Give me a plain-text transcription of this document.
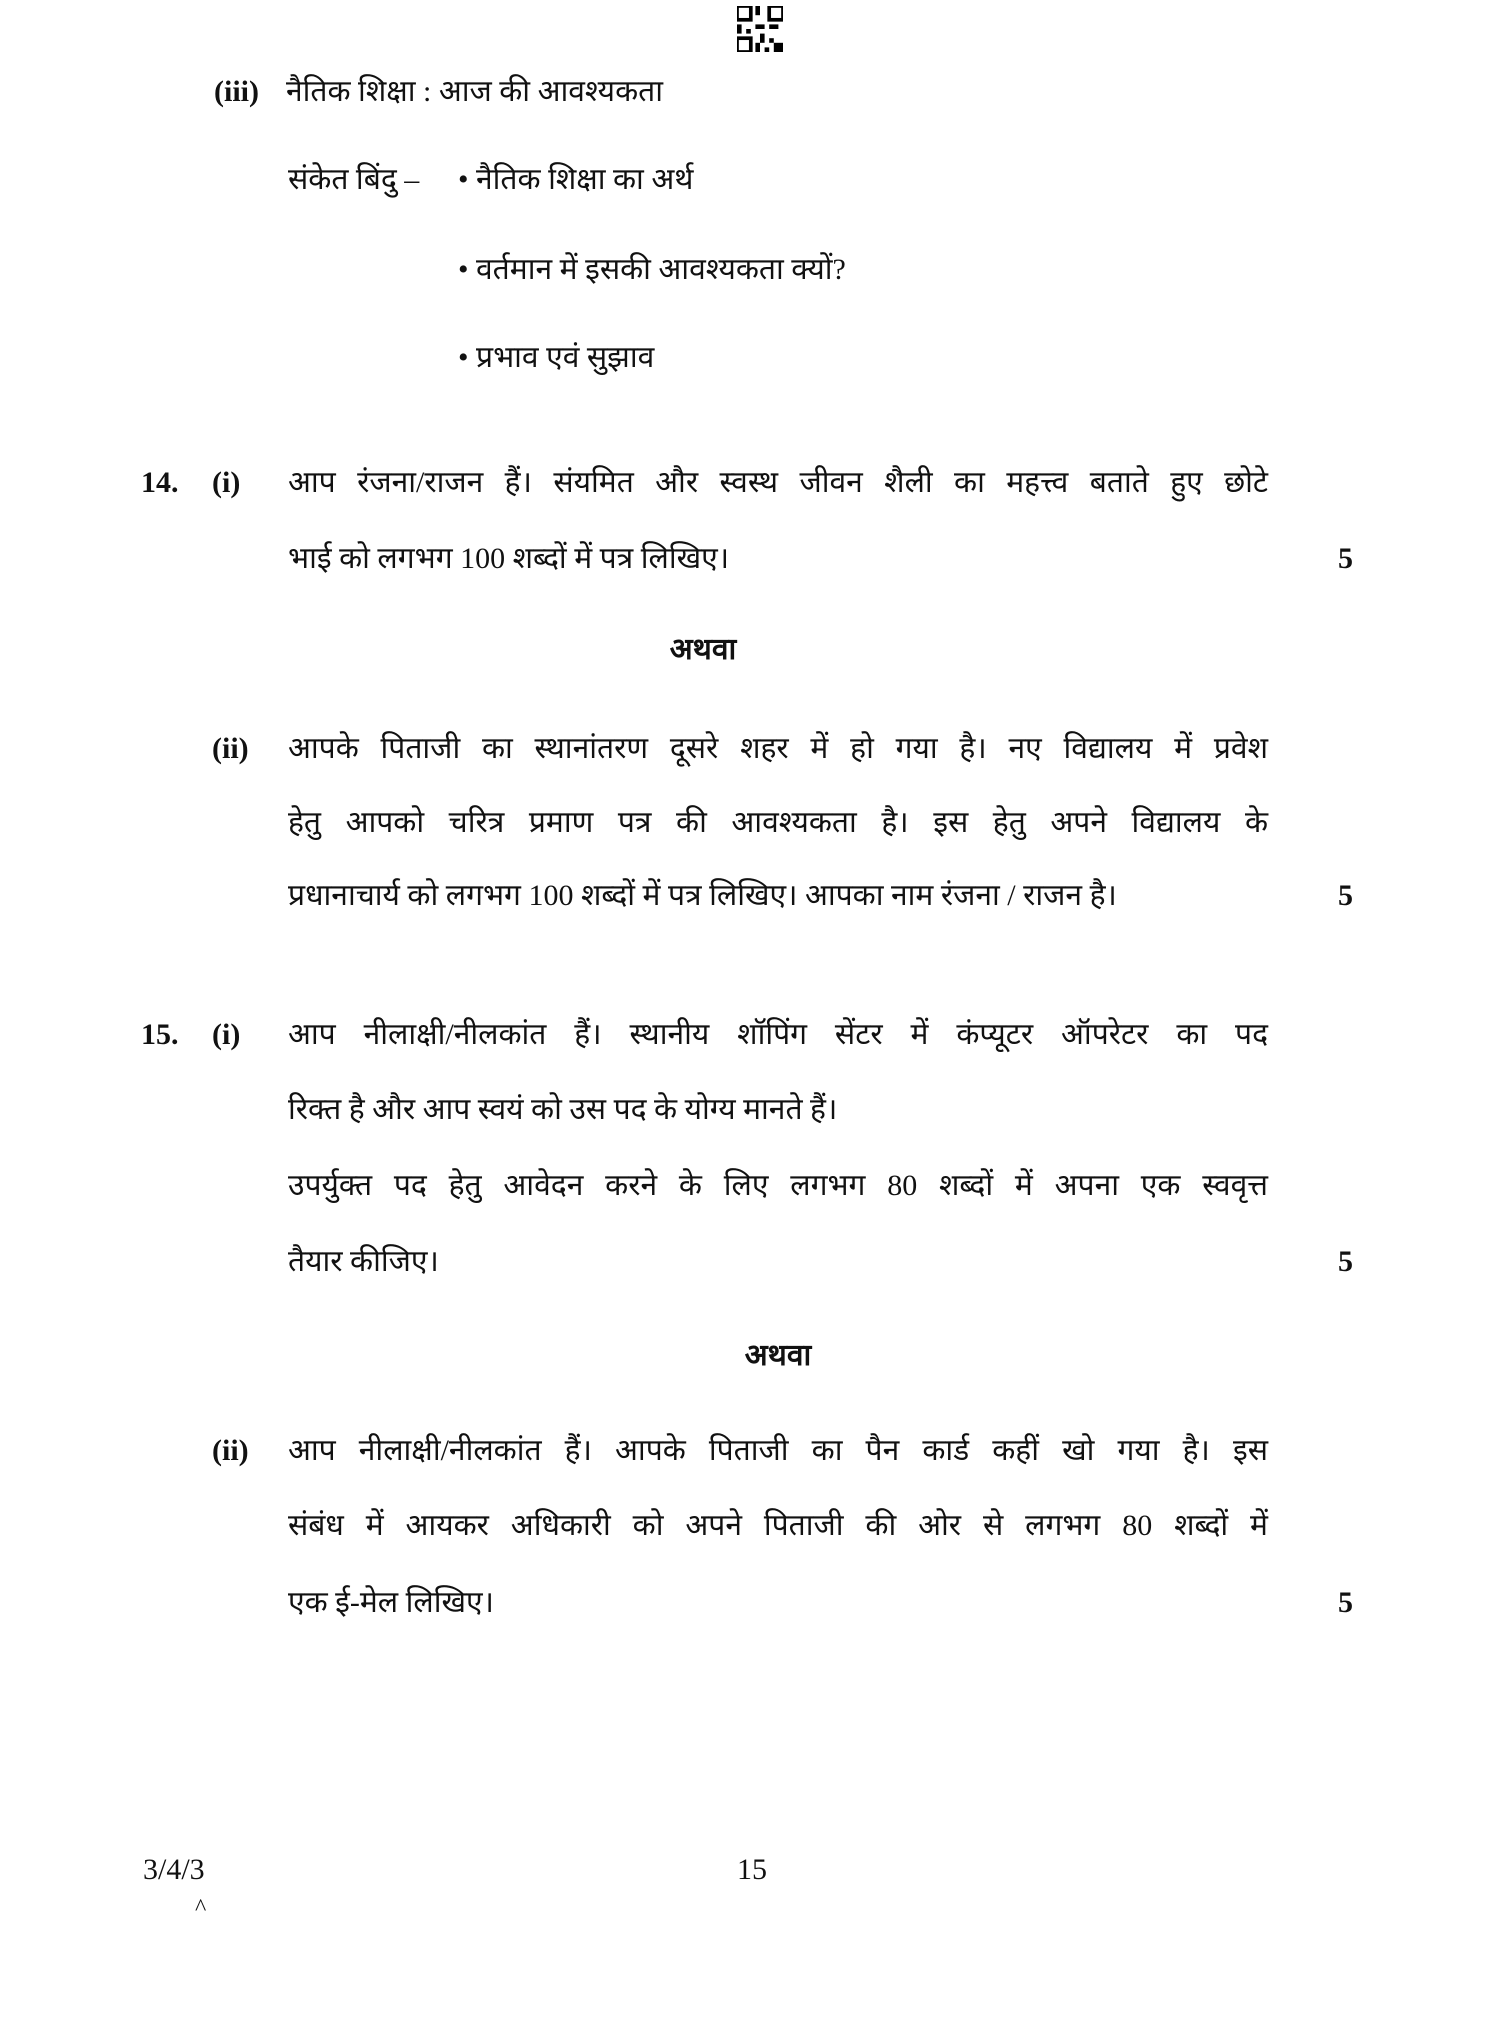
(iii) नैतिक शिक्षा : आज की आवश्यकता
संकेत बिंदु – • नैतिक शिक्षा का अर्थ
• वर्तमान में इसकी आवश्यकता क्यों?
• प्रभाव एवं सुझाव
14. (i) आप रंजना/राजन हैं। संयमित और स्वस्थ जीवन शैली का महत्त्व बताते हुए छोटे
भाई को लगभग 100 शब्दों में पत्र लिखिए।	5
अथवा
(ii) आपके पिताजी का स्थानांतरण दूसरे शहर में हो गया है। नए विद्यालय में प्रवेश
हेतु आपको चरित्र प्रमाण पत्र की आवश्यकता है। इस हेतु अपने विद्यालय के
प्रधानाचार्य को लगभग 100 शब्दों में पत्र लिखिए। आपका नाम रंजना / राजन है।	5
15. (i) आप नीलाक्षी/नीलकांत हैं। स्थानीय शॉपिंग सेंटर में कंप्यूटर ऑपरेटर का पद
रिक्त है और आप स्वयं को उस पद के योग्य मानते हैं।
उपर्युक्त पद हेतु आवेदन करने के लिए लगभग 80 शब्दों में अपना एक स्ववृत्त
तैयार कीजिए।	5
अथवा
(ii) आप नीलाक्षी/नीलकांत हैं। आपके पिताजी का पैन कार्ड कहीं खो गया है। इस
संबंध में आयकर अधिकारी को अपने पिताजी की ओर से लगभग 80 शब्दों में
एक ई-मेल लिखिए।	5
3/4/3	15
^
